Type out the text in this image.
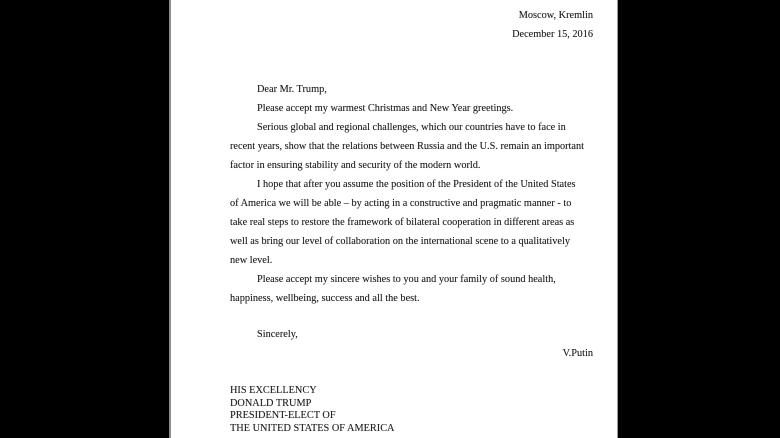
Moscow, Kremlin
December 15, 2016
Dear Mr. Trump,
Please accept my warmest Christmas and New Year greetings.
Serious global and regional challenges, which our countries have to face in
recent years, show that the relations between Russia and the U.S. remain an important
factor in ensuring stability and security of the modern world.
I hope that after you assume the position of the President of the United States
of America we will be able – by acting in a constructive and pragmatic manner - to
take real steps to restore the framework of bilateral cooperation in different areas as
well as bring our level of collaboration on the international scene to a qualitatively
new level.
Please accept my sincere wishes to you and your family of sound health,
happiness, wellbeing, success and all the best.
Sincerely,
V.Putin
HIS EXCELLENCY
DONALD TRUMP
PRESIDENT-ELECT OF
THE UNITED STATES OF AMERICA
